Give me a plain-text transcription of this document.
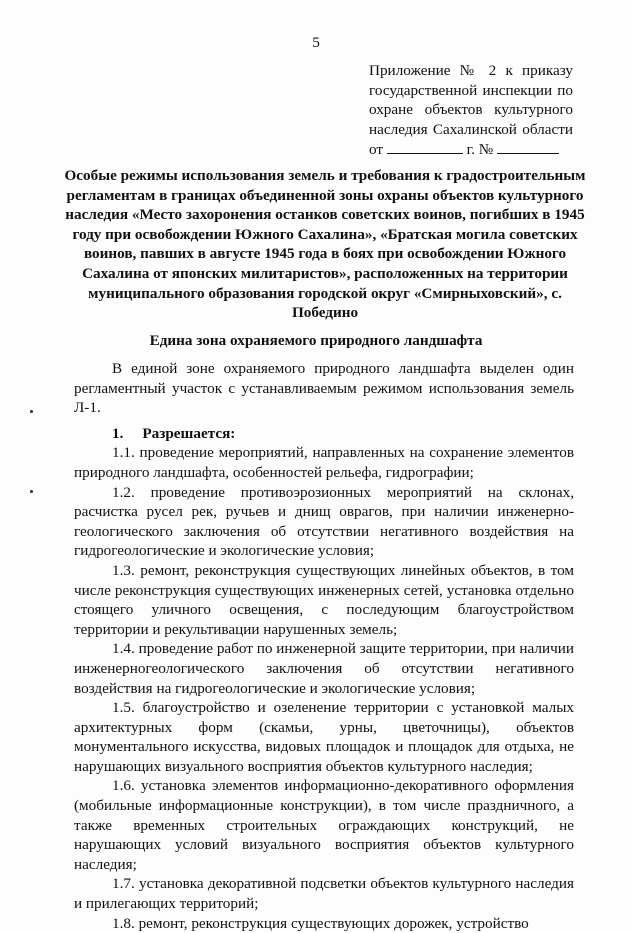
5
Приложение № 2 к приказу
государственной инспекции по
охране объектов культурного
наследия Сахалинской области
от	г. №
Особые режимы использования земель и требования к градостроительным регламентам в границах объединенной зоны охраны объектов культурного наследия «Место захоронения останков советских воинов, погибших в 1945 году при освобождении Южного Сахалина», «Братская могила советских воинов, павших в августе 1945 года в боях при освобождении Южного Сахалина от японских милитаристов», расположенных на территории муниципального образования городской округ «Смирныховский», с. Победино
Едина зона охраняемого природного ландшафта

В единой зоне охраняемого природного ландшафта выделен один регламентный участок с устанавливаемым режимом использования земель Л-1.

1.     Разрешается:

1.1. проведение мероприятий, направленных на сохранение элементов природного ландшафта, особенностей рельефа, гидрографии;

1.2. проведение противоэрозионных мероприятий на склонах, расчистка русел рек, ручьев и днищ оврагов, при наличии инженерно-геологического заключения об отсутствии негативного воздействия на гидрогеологические и экологические условия;

1.3. ремонт, реконструкция существующих линейных объектов, в том числе реконструкция существующих инженерных сетей, установка отдельно стоящего уличного освещения, с последующим благоустройством территории и рекультивации нарушенных земель;

1.4. проведение работ по инженерной защите территории, при наличии инженерногеологического заключения об отсутствии негативного воздействия на гидрогеологические и экологические условия;

1.5. благоустройство и озеленение территории с установкой малых архитектурных форм (скамьи, урны, цветочницы), объектов монументального искусства, видовых площадок и площадок для отдыха, не нарушающих визуального восприятия объектов культурного наследия;

1.6. установка элементов информационно-декоративного оформления (мобильные информационные конструкции), в том числе праздничного, а также временных строительных ограждающих конструкций, не нарушающих условий визуального восприятия объектов культурного наследия;

1.7. установка декоративной подсветки объектов культурного наследия и прилегающих территорий;

1.8. ремонт, реконструкция существующих дорожек, устройство
